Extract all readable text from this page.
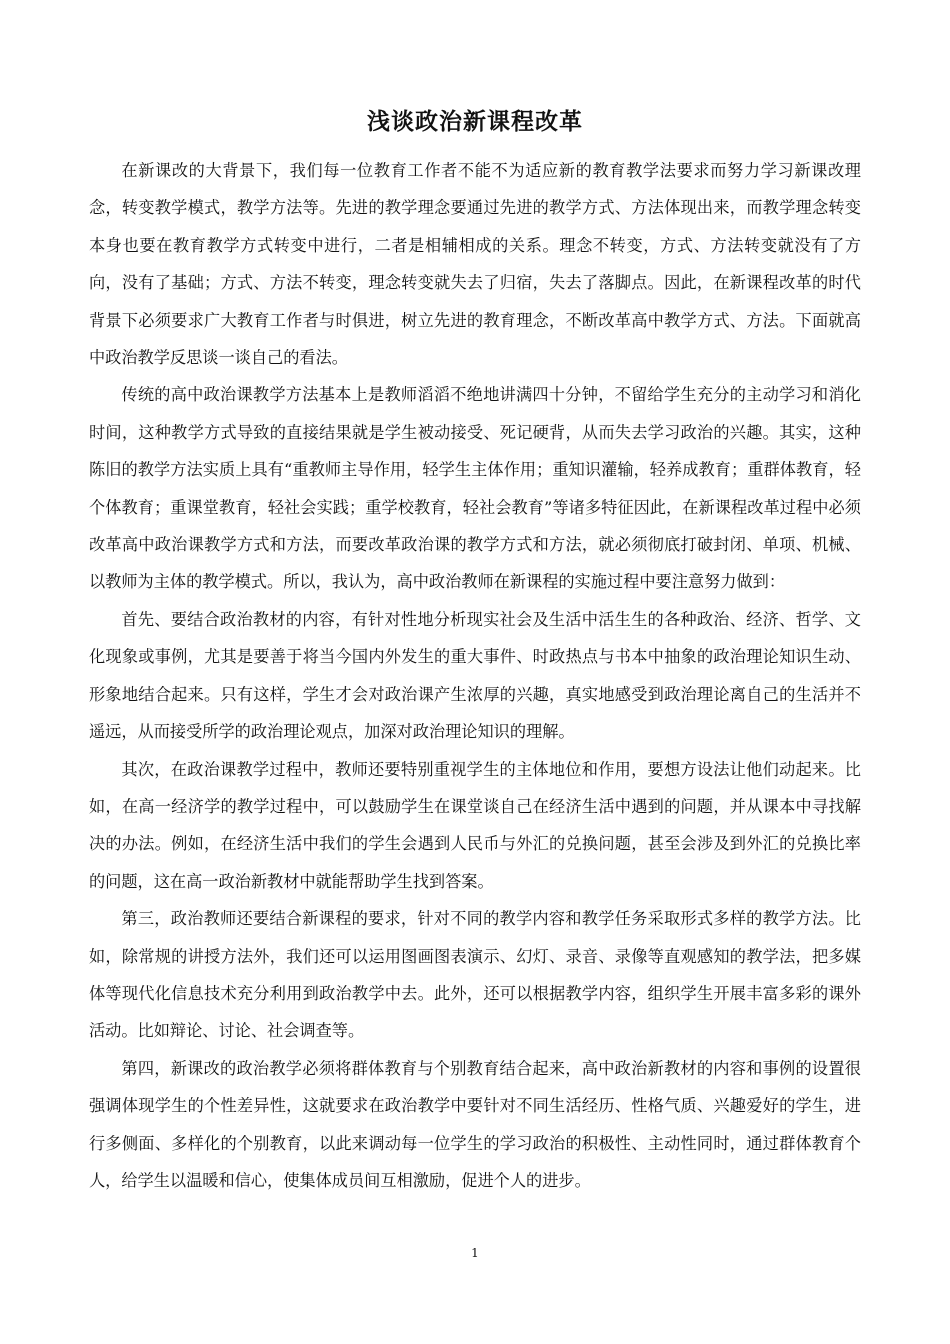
浅谈政治新课程改革

在新课改的大背景下，我们每一位教育工作者不能不为适应新的教育教学法要求而努力学习新课改理念，转变教学模式，教学方法等。先进的教学理念要通过先进的教学方式、方法体现出来，而教学理念转变本身也要在教育教学方式转变中进行，二者是相辅相成的关系。理念不转变，方式、方法转变就没有了方向，没有了基础；方式、方法不转变，理念转变就失去了归宿，失去了落脚点。因此，在新课程改革的时代背景下必须要求广大教育工作者与时俱进，树立先进的教育理念，不断改革高中教学方式、方法。下面就高中政治教学反思谈一谈自己的看法。

传统的高中政治课教学方法基本上是教师滔滔不绝地讲满四十分钟，不留给学生充分的主动学习和消化时间，这种教学方式导致的直接结果就是学生被动接受、死记硬背，从而失去学习政治的兴趣。其实，这种陈旧的教学方法实质上具有“重教师主导作用，轻学生主体作用；重知识灌输，轻养成教育；重群体教育，轻个体教育；重课堂教育，轻社会实践；重学校教育，轻社会教育”等诸多特征因此，在新课程改革过程中必须改革高中政治课教学方式和方法，而要改革政治课的教学方式和方法，就必须彻底打破封闭、单项、机械、以教师为主体的教学模式。所以，我认为，高中政治教师在新课程的实施过程中要注意努力做到：

首先、要结合政治教材的内容，有针对性地分析现实社会及生活中活生生的各种政治、经济、哲学、文化现象或事例，尤其是要善于将当今国内外发生的重大事件、时政热点与书本中抽象的政治理论知识生动、形象地结合起来。只有这样，学生才会对政治课产生浓厚的兴趣，真实地感受到政治理论离自己的生活并不遥远，从而接受所学的政治理论观点，加深对政治理论知识的理解。

其次，在政治课教学过程中，教师还要特别重视学生的主体地位和作用，要想方设法让他们动起来。比如，在高一经济学的教学过程中，可以鼓励学生在课堂谈自己在经济生活中遇到的问题，并从课本中寻找解决的办法。例如，在经济生活中我们的学生会遇到人民币与外汇的兑换问题，甚至会涉及到外汇的兑换比率的问题，这在高一政治新教材中就能帮助学生找到答案。

第三，政治教师还要结合新课程的要求，针对不同的教学内容和教学任务采取形式多样的教学方法。比如，除常规的讲授方法外，我们还可以运用图画图表演示、幻灯、录音、录像等直观感知的教学法，把多媒体等现代化信息技术充分利用到政治教学中去。此外，还可以根据教学内容，组织学生开展丰富多彩的课外活动。比如辩论、讨论、社会调查等。

第四，新课改的政治教学必须将群体教育与个别教育结合起来，高中政治新教材的内容和事例的设置很强调体现学生的个性差异性，这就要求在政治教学中要针对不同生活经历、性格气质、兴趣爱好的学生，进行多侧面、多样化的个别教育，以此来调动每一位学生的学习政治的积极性、主动性同时，通过群体教育个人，给学生以温暖和信心，使集体成员间互相激励，促进个人的进步。

1
